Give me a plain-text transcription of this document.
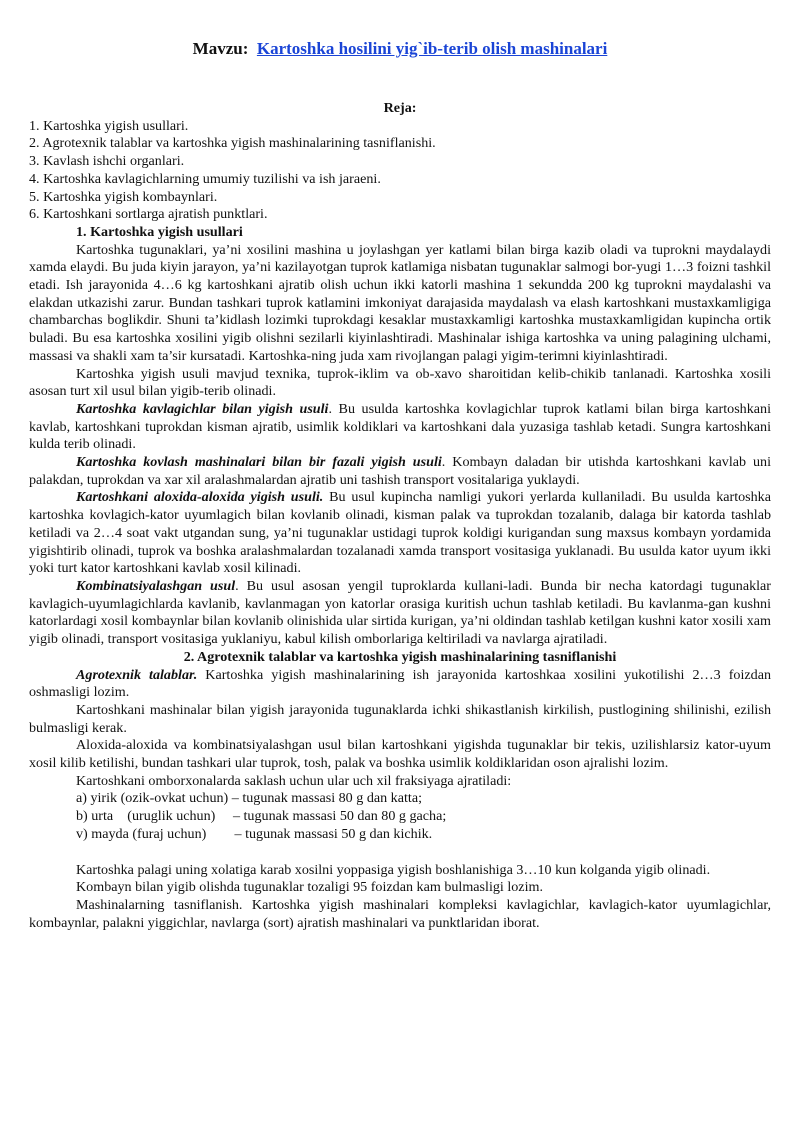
Mavzu: Kartoshka hosilini yig`ib-terib olish mashinalari
Reja:
1. Kartoshka yigish usullari.
2. Agrotexnik talablar va kartoshka yigish mashinalarining tasniflanishi.
3. Kavlash ishchi organlari.
4. Kartoshka kavlagichlarning umumiy tuzilishi va ish jaraeni.
5. Kartoshka yigish kombaynlari.
6. Kartoshkani sortlarga ajratish punktlari.
1. Kartoshka yigish usullari

Kartoshka tugunaklari, ya’ni xosilini mashina u joylashgan yer katlami bilan birga kazib oladi va tuprokni maydalaydi xamda elaydi. Bu juda kiyin jarayon, ya’ni kazilayotgan tuprok katlamiga nisbatan tugunaklar salmogi bor-yugi 1…3 foizni tashkil etadi. Ish jarayonida 4…6 kg kartoshkani ajratib olish uchun ikki katorli mashina 1 sekundda 200 kg tuprokni maydalashi va elakdan utkazishi zarur. Bundan tashkari tuprok katlamini imkoniyat darajasida maydalash va elash kartoshkani mustaxkamligiga chambarchas boglikdir. Shuni ta’kidlash lozimki tuprokdagi kesaklar mustaxkamligi kartoshka mustaxkamligidan kupincha ortik buladi. Bu esa kartoshka xosilini yigib olishni sezilarli kiyinlashtiradi. Mashinalar ishiga kartoshka va uning palagining ulchami, massasi va shakli xam ta’sir kursatadi. Kartoshka-ning juda xam rivojlangan palagi yigim-terimni kiyinlashtiradi.

Kartoshka yigish usuli mavjud texnika, tuprok-iklim va ob-xavo sharoitidan kelib-chikib tanlanadi. Kartoshka xosili asosan turt xil usul bilan yigib-terib olinadi.

Kartoshka kavlagichlar bilan yigish usuli. Bu usulda kartoshka kovlagichlar tuprok katlami bilan birga kartoshkani kavlab, kartoshkani tuprokdan kisman ajratib, usimlik koldiklari va kartoshkani dala yuzasiga tashlab ketadi. Sungra kartoshkani kulda terib olinadi.

Kartoshka kovlash mashinalari bilan bir fazali yigish usuli. Kombayn daladan bir utishda kartoshkani kavlab uni palakdan, tuprokdan va xar xil aralashmalardan ajratib uni tashish transport vositalariga yuklaydi.

Kartoshkani aloxida-aloxida yigish usuli. Bu usul kupincha namligi yukori yerlarda kullaniladi. Bu usulda kartoshka kartoshka kovlagich-kator uyumlagich bilan kovlanib olinadi, kisman palak va tuprokdan tozalanib, dalaga bir katorda tashlab ketiladi va 2…4 soat vakt utgandan sung, ya’ni tugunaklar ustidagi tuprok koldigi kurigandan sung maxsus kombayn yordamida yigishtirib olinadi, tuprok va boshka aralashmalardan tozalanadi xamda transport vositasiga yuklanadi. Bu usulda kator uyum ikki yoki turt kator kartoshkani kavlab xosil kilinadi.

Kombinatsiyalashgan usul. Bu usul asosan yengil tuproklarda kullani-ladi. Bunda bir necha katordagi tugunaklar kavlagich-uyumlagichlarda kavlanib, kavlanmagan yon katorlar orasiga kuritish uchun tashlab ketiladi. Bu kavlanma-gan kushni katorlardagi xosil kombaynlar bilan kovlanib olinishida ular sirtida kurigan, ya’ni oldindan tashlab ketilgan kushni kator xosili xam yigib olinadi, transport vositasiga yuklaniyu, kabul kilish omborlariga keltiriladi va navlarga ajratiladi.

2. Agrotexnik talablar va kartoshka yigish mashinalarining tasniflanishi

Agrotexnik talablar. Kartoshka yigish mashinalarining ish jarayonida kartoshkaa xosilini yukotilishi 2…3 foizdan oshmasligi lozim.

Kartoshkani mashinalar bilan yigish jarayonida tugunaklarda ichki shikastlanish kirkilish, pustlogining shilinishi, ezilish bulmasligi kerak.

Aloxida-aloxida va kombinatsiyalashgan usul bilan kartoshkani yigishda tugunaklar bir tekis, uzilishlarsiz kator-uyum xosil kilib ketilishi, bundan tashkari ular tuprok, tosh, palak va boshka usimlik koldiklaridan oson ajralishi lozim.

Kartoshkani omborxonalarda saklash uchun ular uch xil fraksiyaga ajratiladi:

a) yirik (ozik-ovkat uchun) – tugunak massasi 80 g dan katta;
b) urta    (uruglik uchun)     – tugunak massasi 50 dan 80 g gacha;
v) mayda (furaj uchun)        – tugunak massasi 50 g dan kichik.

Kartoshka palagi uning xolatiga karab xosilni yoppasiga yigish boshlanishiga 3…10 kun kolganda yigib olinadi.

Kombayn bilan yigib olishda tugunaklar tozaligi 95 foizdan kam bulmasligi lozim.

Mashinalarning tasniflanish. Kartoshka yigish mashinalari kompleksi kavlagichlar, kavlagich-kator uyumlagichlar, kombaynlar, palakni yiggichlar, navlarga (sort) ajratish mashinalari va punktlaridan iborat.
